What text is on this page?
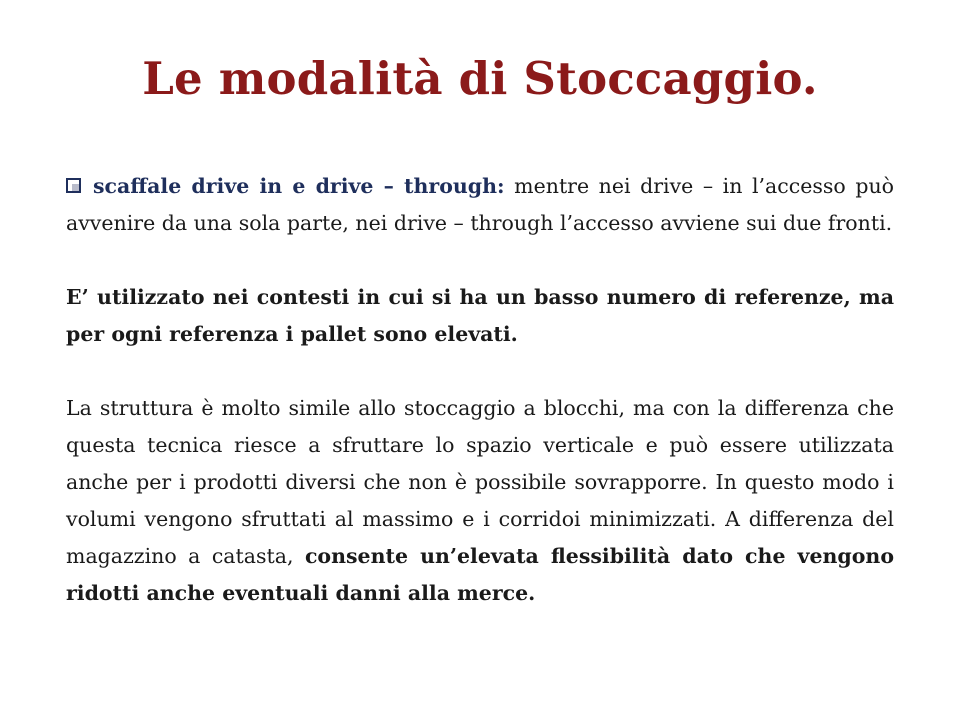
Le modalità di Stoccaggio.

scaffale drive in e drive – through: mentre nei drive – in l’accesso può avvenire da una sola parte, nei drive – through l’accesso avviene sui due fronti.

E’ utilizzato nei contesti in cui si ha un basso numero di referenze, ma per ogni referenza i pallet sono elevati.

La struttura è molto simile allo stoccaggio a blocchi, ma con la differenza che questa tecnica riesce a sfruttare lo spazio verticale e può essere utilizzata anche per i prodotti diversi che non è possibile sovrapporre. In questo modo i volumi vengono sfruttati al massimo e i corridoi minimizzati. A differenza del magazzino a catasta, consente un’elevata flessibilità dato che vengono ridotti anche eventuali danni alla merce.
